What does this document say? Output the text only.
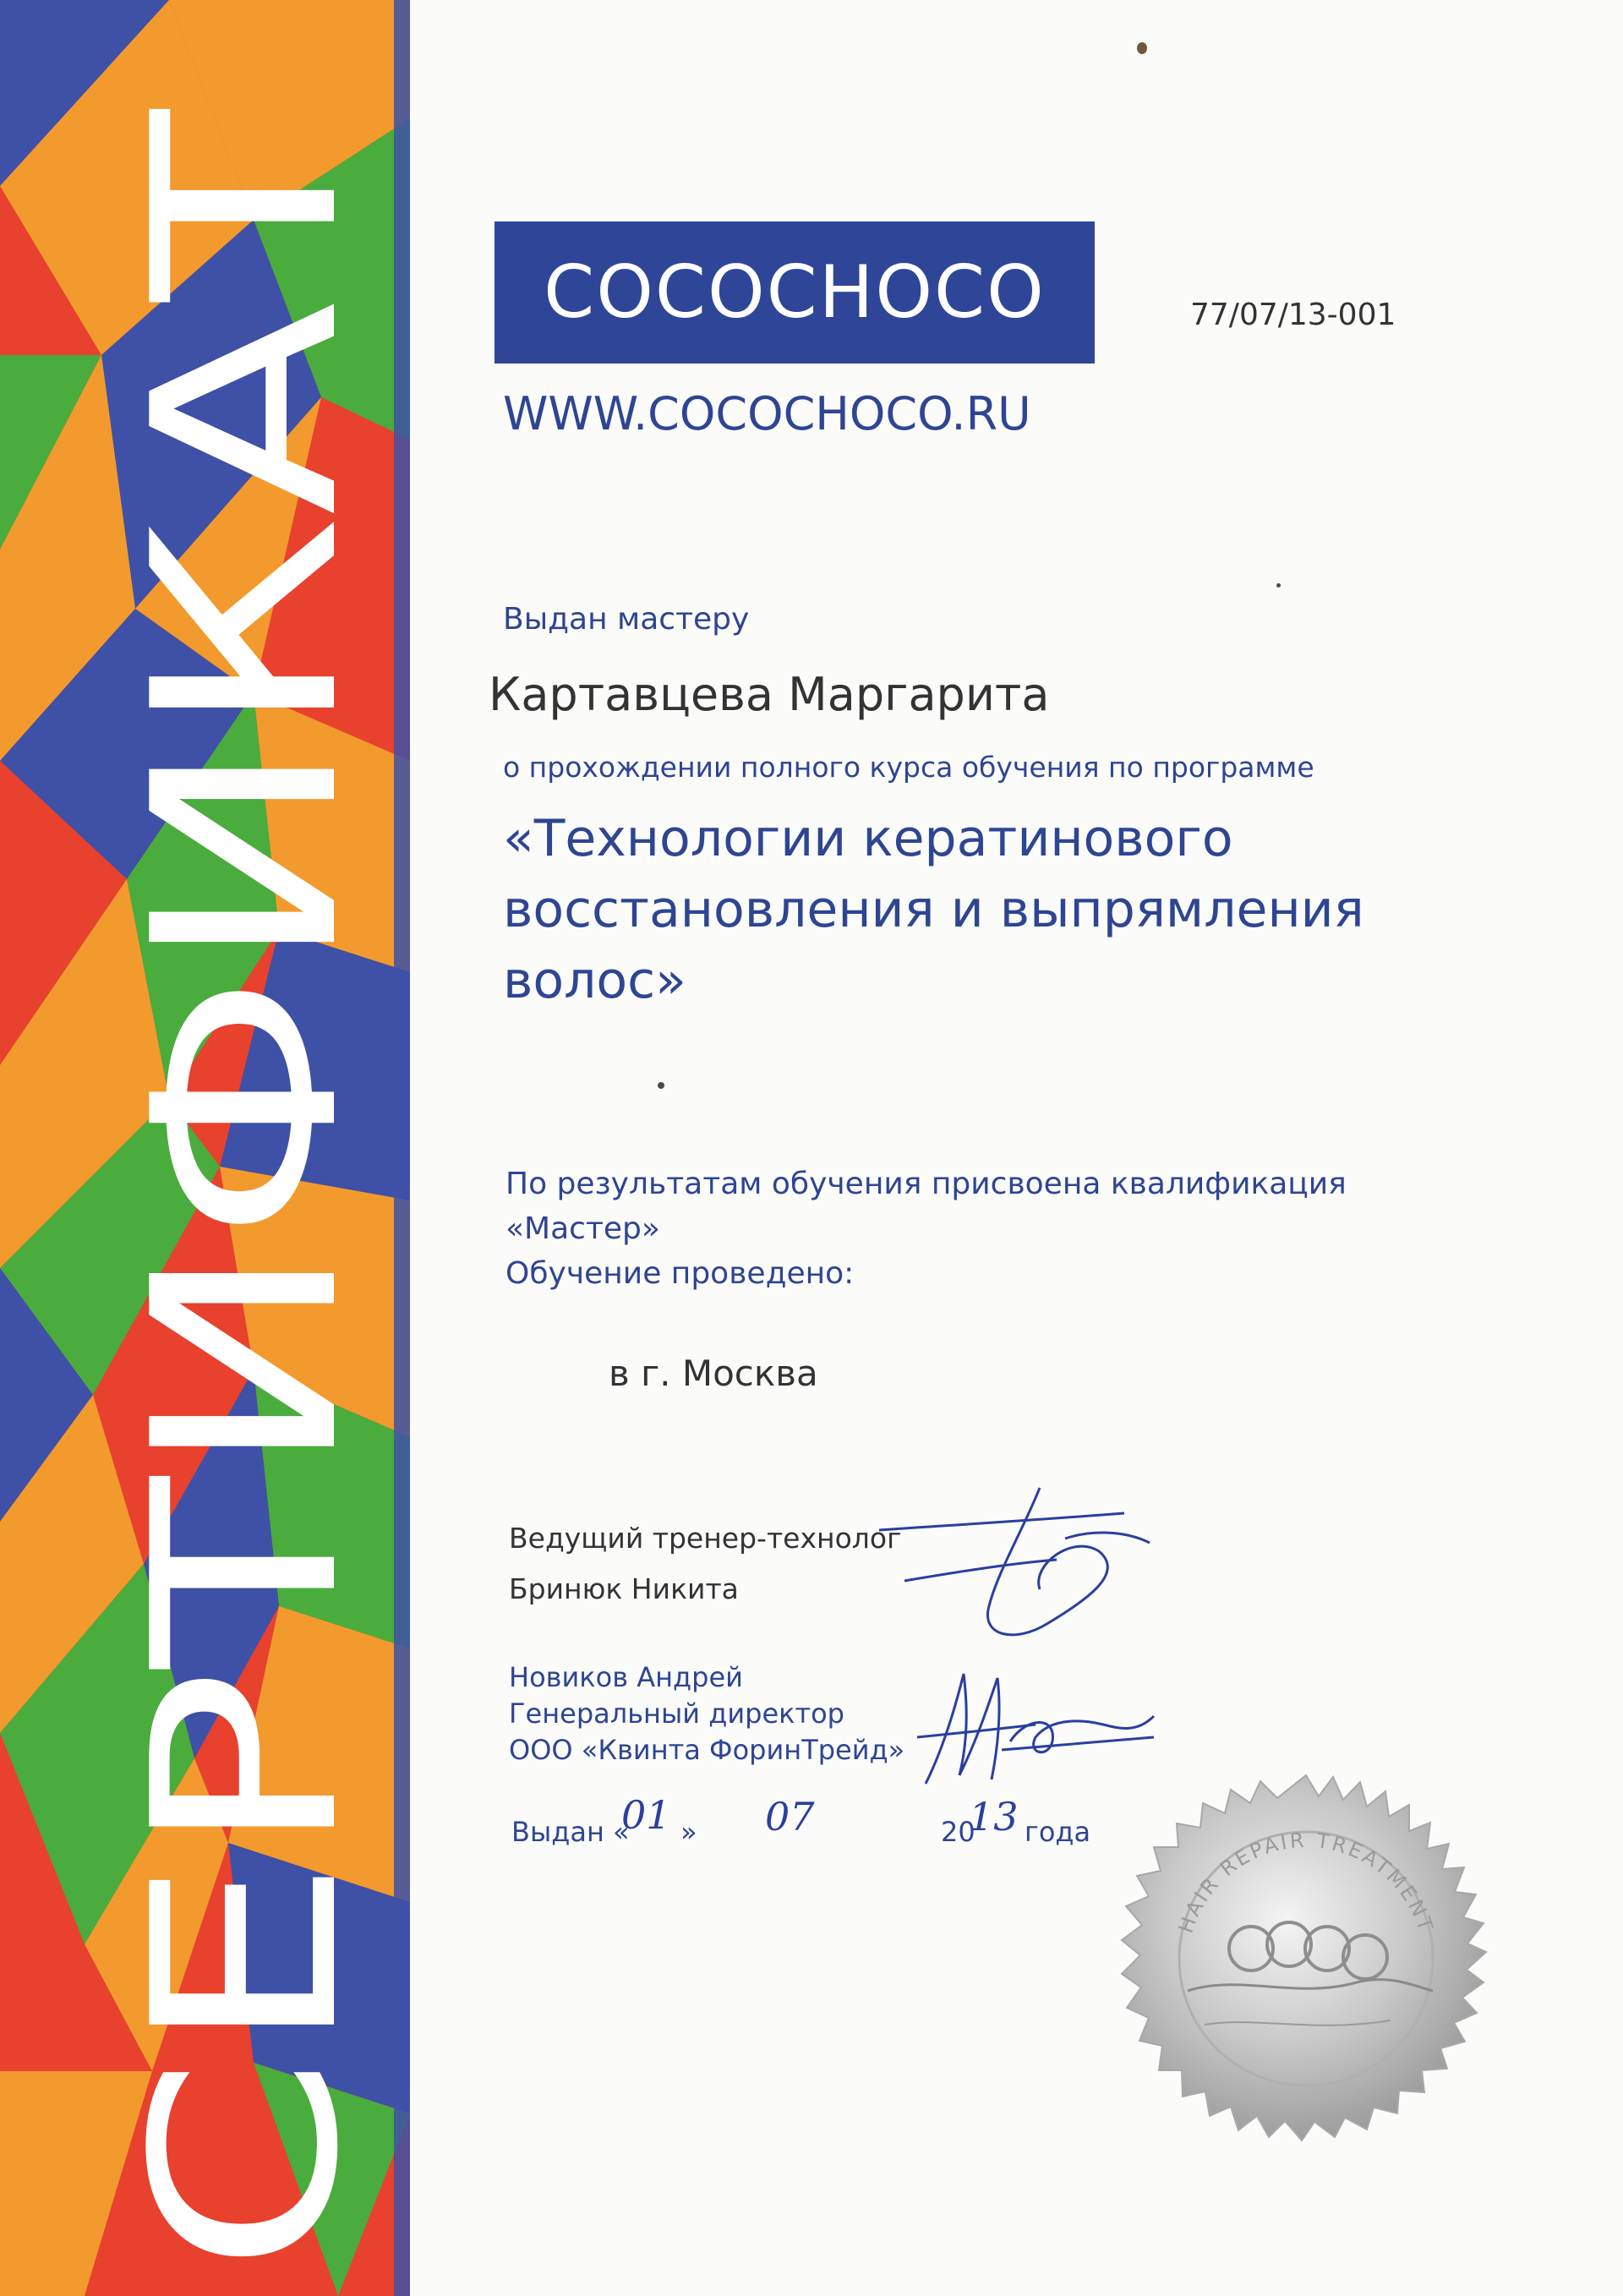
СЕРТИФИКАТ
COCOCHOCO
WWW.COCOCHOCO.RU
77/07/13-001
Выдан мастеру
Картавцева Маргарита
о прохождении полного курса обучения по программе
«Технологии кератинового
восстановления и выпрямления
волос»
По результатам обучения присвоена квалификация
«Мастер»
Обучение проведено:
в г. Москва
Ведущий тренер-технолог
Бринюк Никита
Новиков Андрей
Генеральный директор
ООО «Квинта ФоринТрейд»
Выдан «
01 » 07	20
13 года
HAIR REPAIR TREATMENT
